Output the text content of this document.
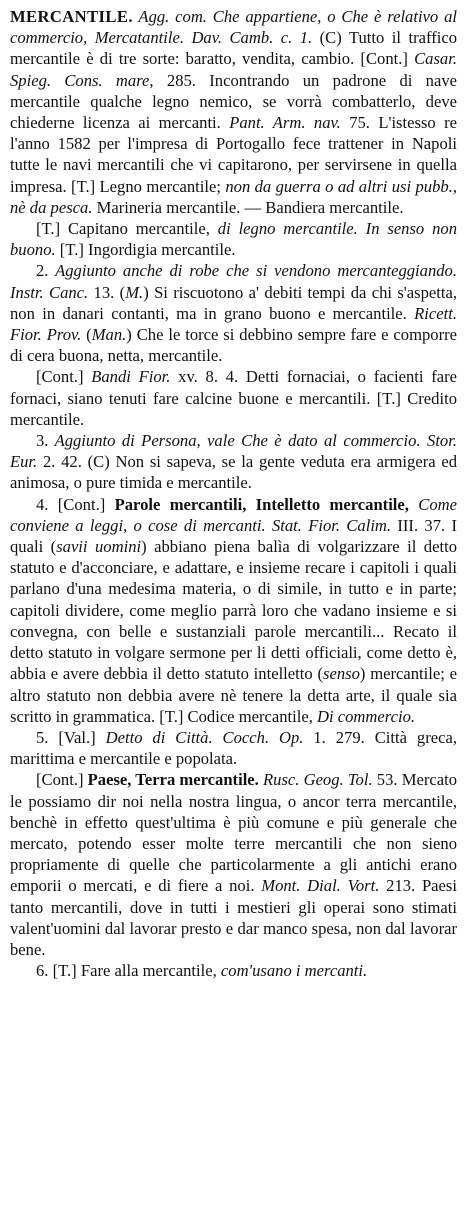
MERCANTILE. Agg. com. Che appartiene, o Che è relativo al commercio, Mercatantile. Dav. Camb. c. 1. (C) Tutto il traffico mercantile è di tre sorte: baratto, vendita, cambio. [Cont.] Casar. Spieg. Cons. mare, 285. Incontrando un padrone di nave mercantile qualche legno nemico, se vorrà combatterlo, deve chiederne licenza ai mercanti. Pant. Arm. nav. 75. L'istesso re l'anno 1582 per l'impresa di Portogallo fece trattener in Napoli tutte le navi mercantili che vi capitarono, per servirsene in quella impresa. [T.] Legno mercantile; non da guerra o ad altri usi pubb., nè da pesca. Marineria mercantile. — Bandiera mercantile.

[T.] Capitano mercantile, di legno mercantile. In senso non buono. [T.] Ingordigia mercantile.

2. Aggiunto anche di robe che si vendono mercanteggiando. Instr. Canc. 13. (M.) Si riscuotono a' debiti tempi da chi s'aspetta, non in danari contanti, ma in grano buono e mercantile. Ricett. Fior. Prov. (Man.) Che le torce si debbino sempre fare e comporre di cera buona, netta, mercantile.

[Cont.] Bandi Fior. xv. 8. 4. Detti fornaciai, o facienti fare fornaci, siano tenuti fare calcine buone e mercantili. [T.] Credito mercantile.

3. Aggiunto di Persona, vale Che è dato al commercio. Stor. Eur. 2. 42. (C) Non si sapeva, se la gente veduta era armigera ed animosa, o pure timida e mercantile.

4. [Cont.] Parole mercantili, Intelletto mercantile, Come conviene a leggi, o cose di mercanti. Stat. Fior. Calim. III. 37. I quali (savii uomini) abbiano piena balìa di volgarizzare il detto statuto e d'acconciare, e adattare, e insieme recare i capitoli i quali parlano d'una medesima materia, o di simile, in tutto e in parte; capitoli dividere, come meglio parrà loro che vadano insieme e si convegna, con belle e sustanziali parole mercantili... Recato il detto statuto in volgare sermone per li detti officiali, come detto è, abbia e avere debbia il detto statuto intelletto (senso) mercantile; e altro statuto non debbia avere nè tenere la detta arte, il quale sia scritto in grammatica. [T.] Codice mercantile, Di commercio.

5. [Val.] Detto di Città. Cocch. Op. 1. 279. Città greca, marittima e mercantile e popolata.

[Cont.] Paese, Terra mercantile. Rusc. Geog. Tol. 53. Mercato le possiamo dir noi nella nostra lingua, o ancor terra mercantile, benchè in effetto quest'ultima è più comune e più generale che mercato, potendo esser molte terre mercantili che non sieno propriamente di quelle che particolarmente a gli antichi erano emporii o mercati, e di fiere a noi. Mont. Dial. Vort. 213. Paesi tanto mercantili, dove in tutti i mestieri gli operai sono stimati valent'uomini dal lavorar presto e dar manco spesa, non dal lavorar bene.

6. [T.] Fare alla mercantile, com'usano i mercanti.
